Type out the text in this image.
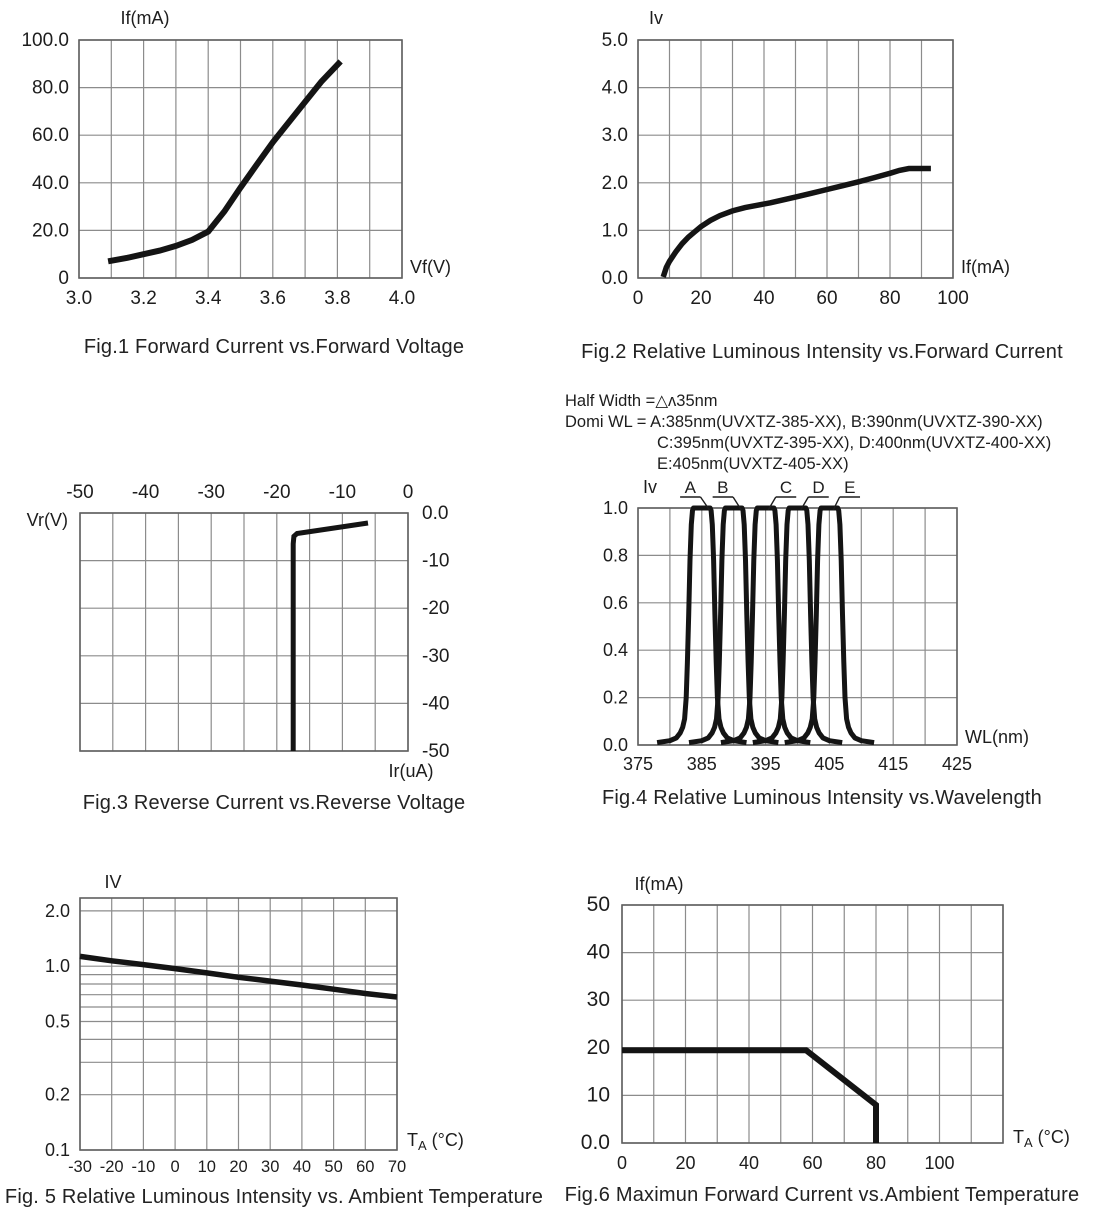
3.0 3.2 3.4 3.6 3.8 4.0
100.0
80.0
60.0
40.0
20.0
0
If(mA)
Vf(V)
0 20 40 60 80 100
5.0
4.0
3.0
2.0
1.0
0.0
Iv
If(mA)
-50 -40 -30 -20 -10 0
0.0
-10
-20
-30
-40
-50
Ir(uA)
Vr(V)
375 385 395 405 415 425
1.0
0.8
0.6
0.4
0.2
0.0
Iv
WL(nm)
A B	C D E
-30 -20 -10 0 10 20 30 40 50 60 70
2.0
1.0
0.5
0.2
0.1
IV
$T_A$ (°C)
0	20 40 60 80 100
50
40
30
20
10
0.0
If(mA)
$T_A$ (°C)
Half Width =△ʌ35nm
Domi WL = A:385nm(UVXTZ-385-XX), B:390nm(UVXTZ-390-XX)
C:395nm(UVXTZ-395-XX), D:400nm(UVXTZ-400-XX)
E:405nm(UVXTZ-405-XX)
Fig.1 Forward Current vs.Forward Voltage	Fig.2 Relative Luminous Intensity vs.Forward Current
Fig.3 Reverse Current vs.Reverse Voltage	Fig.4 Relative Luminous Intensity vs.Wavelength
Fig. 5 Relative Luminous Intensity vs. Ambient Temperature	Fig.6 Maximun Forward Current vs.Ambient Temperature
